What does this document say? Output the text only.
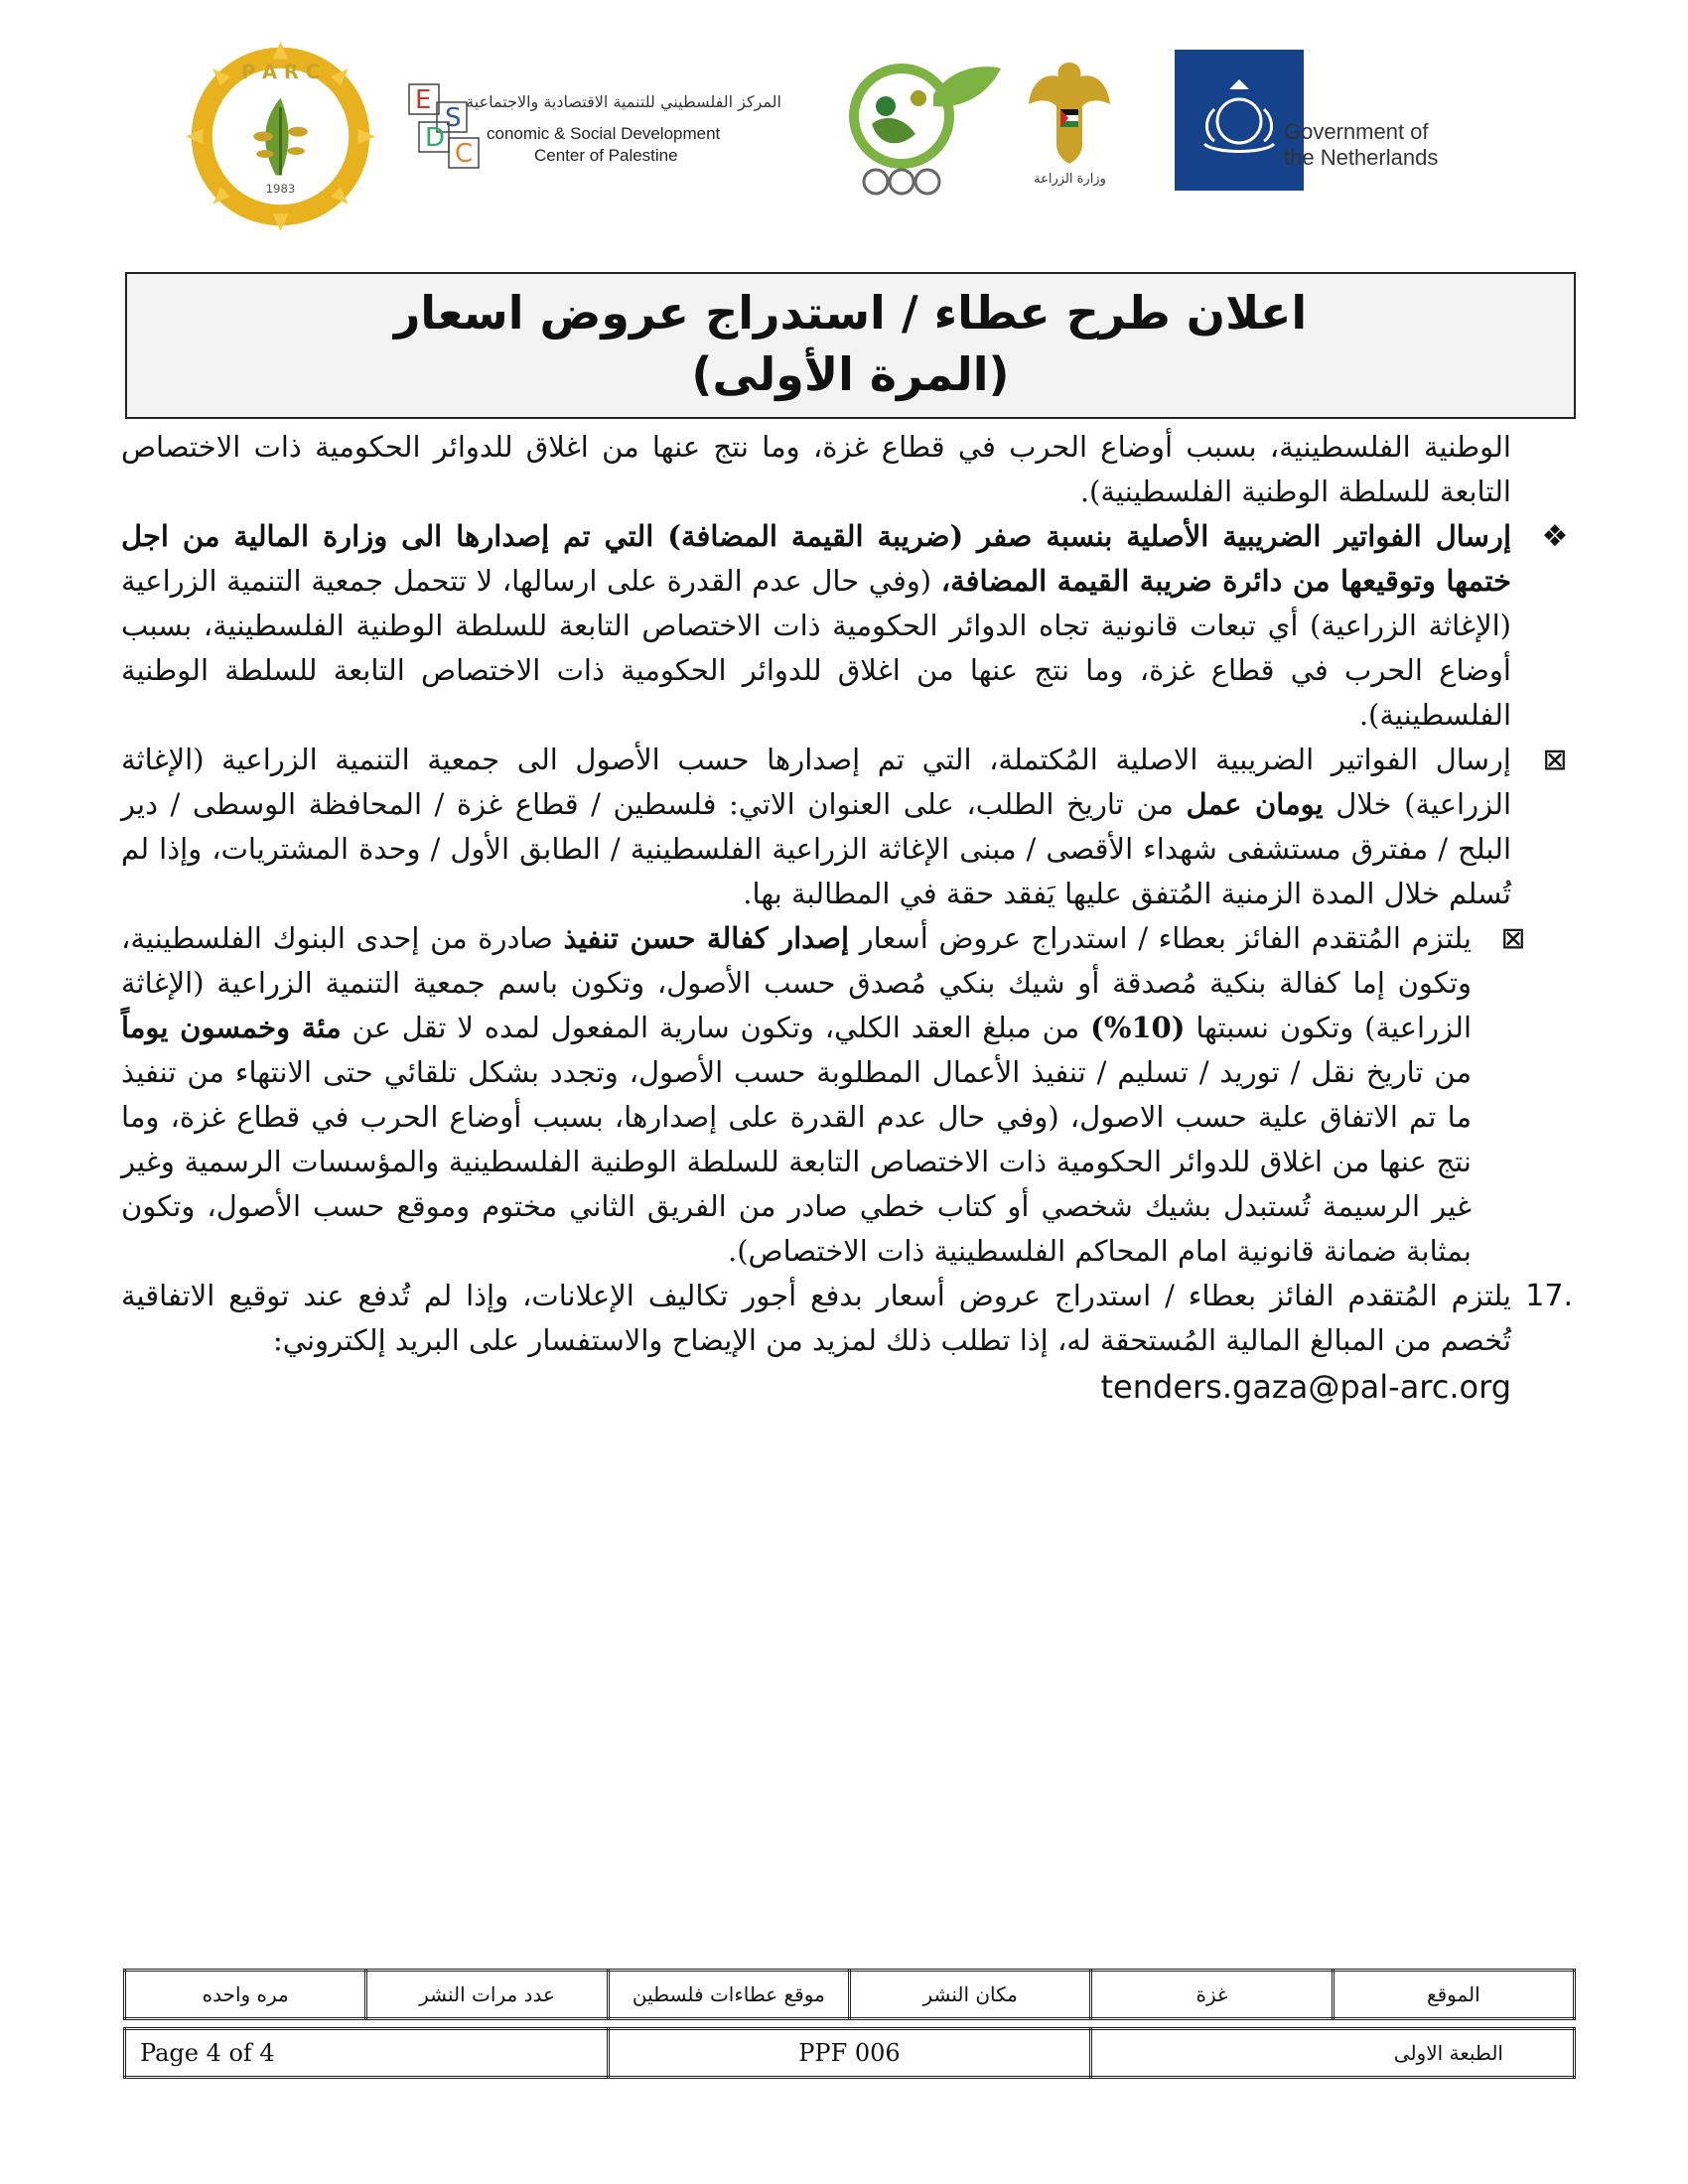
P A R C
1983
E
S
D
C
المركز الفلسطيني للتنمية الاقتصادية والاجتماعية
conomic & Social Development
Center of Palestine
وزارة الزراعة
Government of
the Netherlands
اعلان طرح عطاء / استدراج عروض اسعار
(المرة الأولى)

الوطنية الفلسطينية، بسبب أوضاع الحرب في قطاع غزة، وما نتج عنها من اغلاق للدوائر الحكومية ذات الاختصاص التابعة للسلطة الوطنية الفلسطينية).

❖
إرسال الفواتير الضريبية الأصلية بنسبة صفر (ضريبة القيمة المضافة) التي تم إصدارها الى وزارة المالية من اجل ختمها وتوقيعها من دائرة ضريبة القيمة المضافة، (وفي حال عدم القدرة على ارسالها، لا تتحمل جمعية التنمية الزراعية (الإغاثة الزراعية) أي تبعات قانونية تجاه الدوائر الحكومية ذات الاختصاص التابعة للسلطة الوطنية الفلسطينية، بسبب أوضاع الحرب في قطاع غزة، وما نتج عنها من اغلاق للدوائر الحكومية ذات الاختصاص التابعة للسلطة الوطنية الفلسطينية).

⊠
إرسال الفواتير الضريبية الاصلية المُكتملة، التي تم إصدارها حسب الأصول الى جمعية التنمية الزراعية (الإغاثة الزراعية) خلال يومان عمل من تاريخ الطلب، على العنوان الاتي: فلسطين / قطاع غزة / المحافظة الوسطى / دير البلح / مفترق مستشفى شهداء الأقصى / مبنى الإغاثة الزراعية الفلسطينية / الطابق الأول / وحدة المشتريات، وإذا لم تُسلم خلال المدة الزمنية المُتفق عليها يَفقد حقة في المطالبة بها.

⊠
يلتزم المُتقدم الفائز بعطاء / استدراج عروض أسعار إصدار كفالة حسن تنفيذ صادرة من إحدى البنوك الفلسطينية، وتكون إما كفالة بنكية مُصدقة أو شيك بنكي مُصدق حسب الأصول، وتكون باسم جمعية التنمية الزراعية (الإغاثة الزراعية) وتكون نسبتها (10%) من مبلغ العقد الكلي، وتكون سارية المفعول لمده لا تقل عن مئة وخمسون يوماً من تاريخ نقل / توريد / تسليم / تنفيذ الأعمال المطلوبة حسب الأصول، وتجدد بشكل تلقائي حتى الانتهاء من تنفيذ ما تم الاتفاق علية حسب الاصول، (وفي حال عدم القدرة على إصدارها، بسبب أوضاع الحرب في قطاع غزة، وما نتج عنها من اغلاق للدوائر الحكومية ذات الاختصاص التابعة للسلطة الوطنية الفلسطينية والمؤسسات الرسمية وغير غير الرسيمة تُستبدل بشيك شخصي أو كتاب خطي صادر من الفريق الثاني مختوم وموقع حسب الأصول، وتكون بمثابة ضمانة قانونية امام المحاكم الفلسطينية ذات الاختصاص).

17.
يلتزم المُتقدم الفائز بعطاء / استدراج عروض أسعار بدفع أجور تكاليف الإعلانات، وإذا لم تُدفع عند توقيع الاتفاقية تُخصم من المبالغ المالية المُستحقة له، إذا تطلب ذلك لمزيد من الإيضاح والاستفسار على البريد إلكتروني:

tenders.gaza@pal-arc.org
الموقع	غزة	مكان النشر	موقع عطاءات فلسطين	عدد مرات النشر	مره واحده
Page 4 of 4	PPF 006	الطبعة الاولى
